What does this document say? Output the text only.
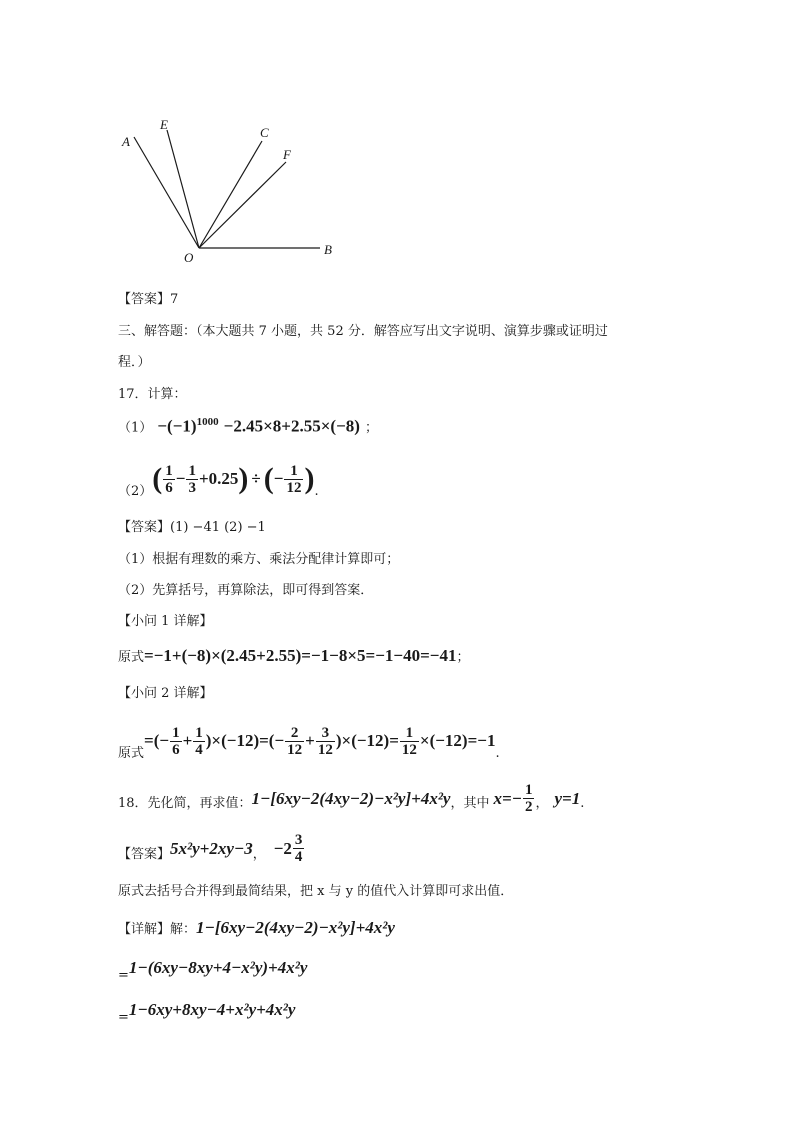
A
E
C
F
O
B
【答案】7
三、解答题：（本大题共 7 小题，共 52 分．解答应写出文字说明、演算步骤或证明过
程．）
17．计算：
$(1) -(-1)^{1000} -2.45\times 8+2.55\times(-8)$ ；
（2） ( $\frac{1}{6} - \frac{1}{3} +0.25$ ) ÷ ( − $\frac{1}{12}$ ) .
【答案】(1) −41 (2) −1
（1）根据有理数的乘方、乘法分配律计算即可；
（2）先算括号，再算除法，即可得到答案．
【小问 1 详解】
原式=−1+(−8)×(2.45+2.55)=−1−8×5=−1−40=−41；
【小问 2 详解】
原式
=(− $\frac{1}{6} + \frac{1}{4} )\times(-12)=(- \frac{2}{12} + \frac{3}{12} )\times(-12)= \frac{1}{12} \times(-12)=-1$
.
18．先化简，再求值： 1−[6xy−2(4xy−2)−x²y]+4x²y ，其中 $x=- \frac{1}{2}$ ， y=1 .
【答案】 5x²y+2xy−3 ， $-2 \frac{3}{4}$
原式去括号合并得到最简结果，把 x 与 y 的值代入计算即可求出值．
【详解】解：1−[6xy−2(4xy−2)−x²y]+4x²y
$_=$1−(6xy−8xy+4−x²y)+4x²y
$_=$1−6xy+8xy−4+x²y+4x²y
